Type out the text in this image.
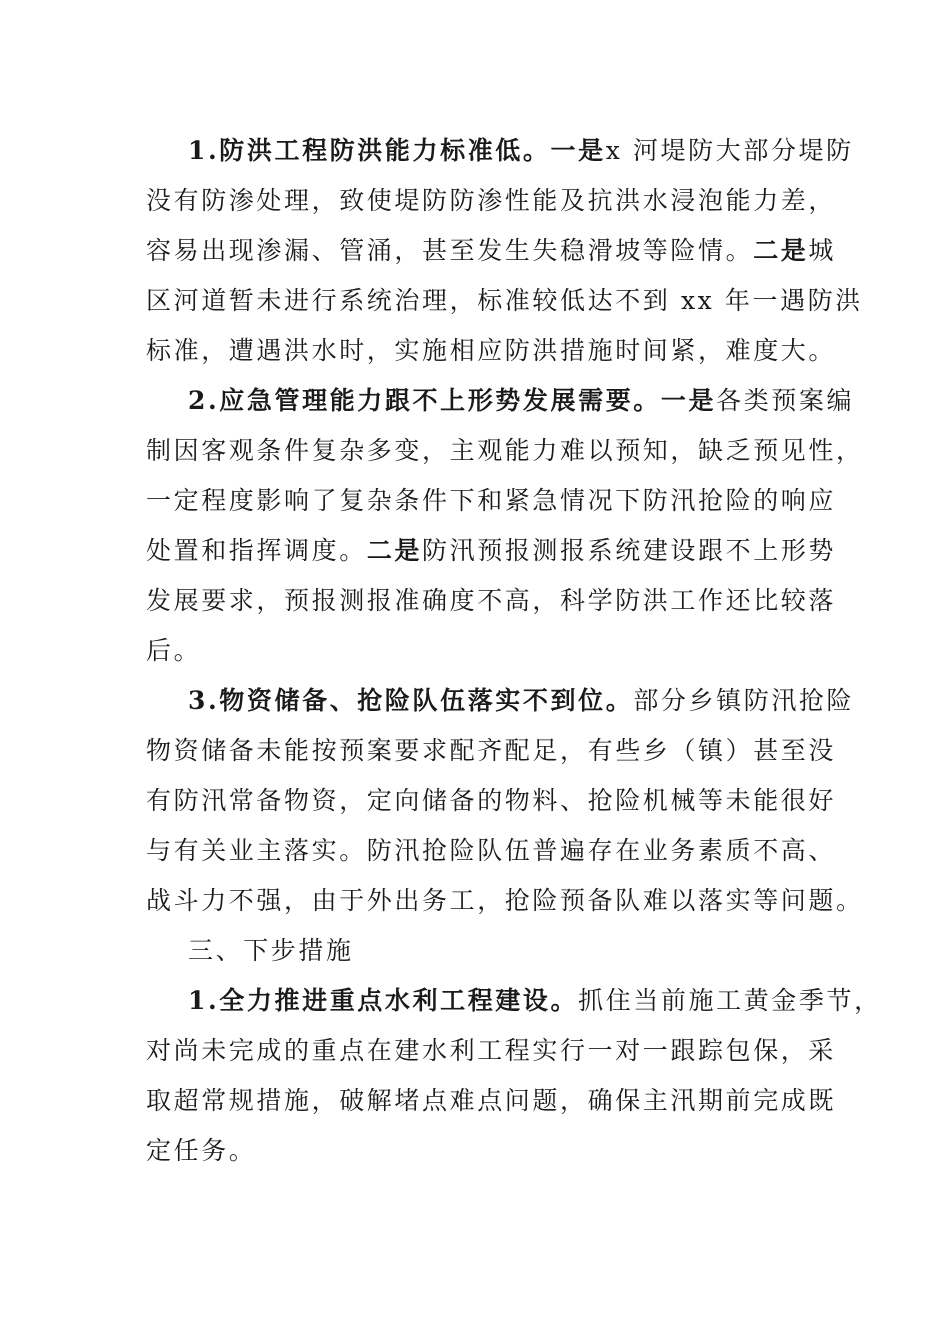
1.防洪工程防洪能力标准低。一是x 河堤防大部分堤防
没有防渗处理，致使堤防防渗性能及抗洪水浸泡能力差，
容易出现渗漏、管涌，甚至发生失稳滑坡等险情。二是城
区河道暂未进行系统治理，标准较低达不到 xx 年一遇防洪
标准，遭遇洪水时，实施相应防洪措施时间紧，难度大。
2.应急管理能力跟不上形势发展需要。一是各类预案编
制因客观条件复杂多变，主观能力难以预知，缺乏预见性，
一定程度影响了复杂条件下和紧急情况下防汛抢险的响应
处置和指挥调度。二是防汛预报测报系统建设跟不上形势
发展要求，预报测报准确度不高，科学防洪工作还比较落
后。
3.物资储备、抢险队伍落实不到位。部分乡镇防汛抢险
物资储备未能按预案要求配齐配足，有些乡（镇）甚至没
有防汛常备物资，定向储备的物料、抢险机械等未能很好
与有关业主落实。防汛抢险队伍普遍存在业务素质不高、
战斗力不强，由于外出务工，抢险预备队难以落实等问题。
三、下步措施
1.全力推进重点水利工程建设。抓住当前施工黄金季节，
对尚未完成的重点在建水利工程实行一对一跟踪包保，采
取超常规措施，破解堵点难点问题，确保主汛期前完成既
定任务。
